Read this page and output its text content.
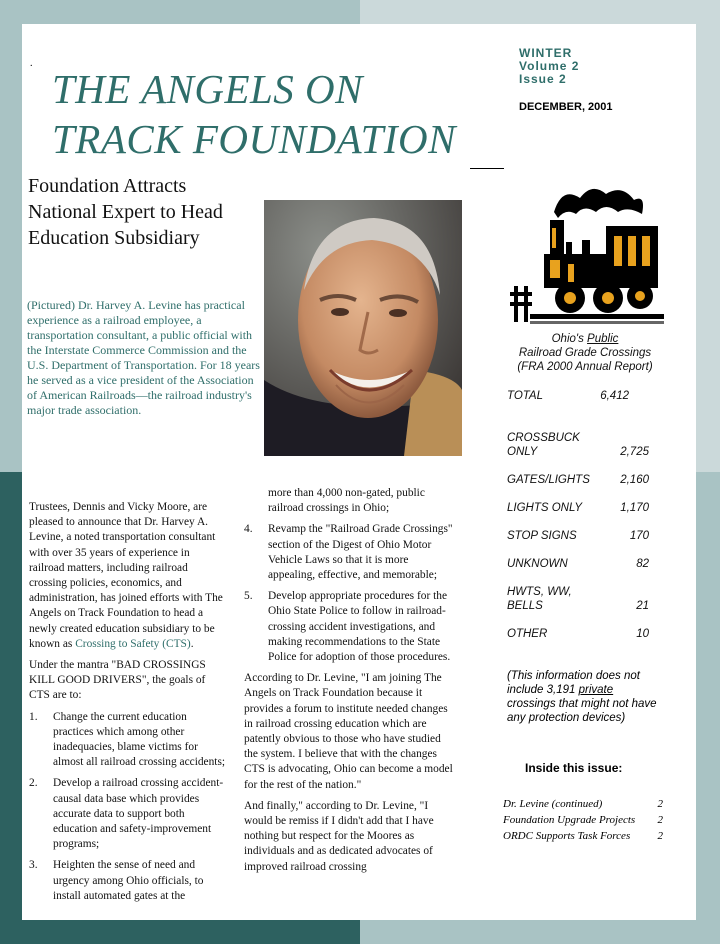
.
THE ANGELS ON
TRACK FOUNDATION
WINTER
Volume 2
Issue 2
DECEMBER, 2001
Foundation Attracts National Expert to Head Education Subsidiary
(Pictured) Dr. Harvey A. Levine has practical experience as a railroad employee, a transportation consultant, a public official with the Interstate Commerce Commission and the U.S. Department of Transportation. For 18 years he served as a vice president of the Association of American Railroads—the railroad industry's major trade association.
Ohio's Public
Railroad Grade Crossings
(FRA 2000 Annual Report)
TOTAL	6,412
CROSSBUCK
ONLY	2,725
GATES/LIGHTS	2,160
LIGHTS ONLY	1,170
STOP SIGNS	170
UNKNOWN	82
HWTS, WW,
BELLS	21
OTHER	10
(This information does not include 3,191 private crossings that might not have any protection devices)
Inside this issue:
Dr. Levine (continued)	2
Foundation Upgrade Projects 2
ORDC Supports Task Forces 2

Trustees, Dennis and Vicky Moore, are pleased to announce that Dr. Harvey A. Levine, a noted transportation consultant with over 35 years of experience in railroad matters, including railroad crossing policies, economics, and administration, has joined efforts with The Angels on Track Foundation to head a newly created education subsidiary to be known as Crossing to Safety (CTS).

Under the mantra "BAD CROSSINGS KILL GOOD DRIVERS", the goals of CTS are to:

1. Change the current education practices which among other inadequacies, blame victims for almost all railroad crossing accidents;
2. Develop a railroad crossing accident-causal data base which provides accurate data to support both education and safety-improvement programs;
3. Heighten the sense of need and urgency among Ohio officials, to install automated gates at the
more than 4,000 non-gated, public railroad crossings in Ohio;
4. Revamp the "Railroad Grade Crossings" section of the Digest of Ohio Motor Vehicle Laws so that it is more appealing, effective, and memorable;
5. Develop appropriate procedures for the Ohio State Police to follow in railroad-crossing accident investigations, and making recommendations to the State Police for adoption of those procedures.

According to Dr. Levine, "I am joining The Angels on Track Foundation because it provides a forum to institute needed changes in railroad crossing education which are patently obvious to those who have studied the system. I believe that with the changes CTS is advocating, Ohio can become a model for the rest of the nation."

And finally," according to Dr. Levine, "I would be remiss if I didn't add that I have nothing but respect for the Moores as individuals and as dedicated advocates of improved railroad crossing
